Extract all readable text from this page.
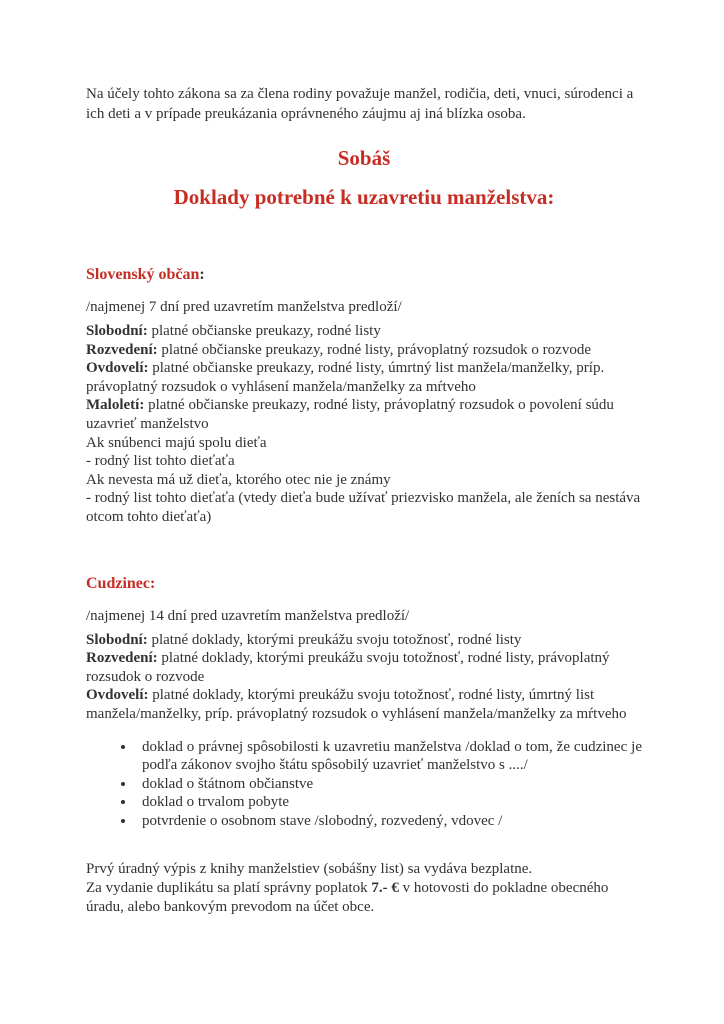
Na účely tohto zákona sa za člena rodiny považuje manžel, rodičia, deti, vnuci, súrodenci a ich deti a v prípade preukázania oprávneného záujmu aj iná blízka osoba.

Sobáš
Doklady potrebné k uzavretiu manželstva:

Slovenský občan:

/najmenej 7 dní pred uzavretím manželstva predloží/

Slobodní: platné občianske preukazy, rodné listy

Rozvedení: platné občianske preukazy, rodné listy, právoplatný rozsudok o rozvode

Ovdovelí: platné občianske preukazy, rodné listy, úmrtný list manžela/manželky, príp. právoplatný rozsudok o vyhlásení manžela/manželky za mŕtveho

Maloletí: platné občianske preukazy, rodné listy, právoplatný rozsudok o povolení súdu uzavrieť manželstvo

Ak snúbenci majú spolu dieťa

- rodný list tohto dieťaťa

Ak nevesta má už dieťa, ktorého otec nie je známy

- rodný list tohto dieťaťa (vtedy dieťa bude užívať priezvisko manžela, ale ženích sa nestáva otcom tohto dieťaťa)

Cudzinec:

/najmenej 14 dní pred uzavretím manželstva predloží/

Slobodní: platné doklady, ktorými preukážu svoju totožnosť, rodné listy

Rozvedení: platné doklady, ktorými preukážu svoju totožnosť, rodné listy, právoplatný rozsudok o rozvode

Ovdovelí: platné doklady, ktorými preukážu svoju totožnosť, rodné listy, úmrtný list manžela/manželky, príp. právoplatný rozsudok o vyhlásení manžela/manželky za mŕtveho

• doklad o právnej spôsobilosti k uzavretiu manželstva /doklad o tom, že cudzinec je podľa zákonov svojho štátu spôsobilý uzavrieť manželstvo s ..../
• doklad o štátnom občianstve
• doklad o trvalom pobyte
• potvrdenie o osobnom stave /slobodný, rozvedený, vdovec /

Prvý úradný výpis z knihy manželstiev (sobášny list) sa vydáva bezplatne.

Za vydanie duplikátu sa platí správny poplatok 7.- € v hotovosti do pokladne obecného úradu, alebo bankovým prevodom na účet obce.
